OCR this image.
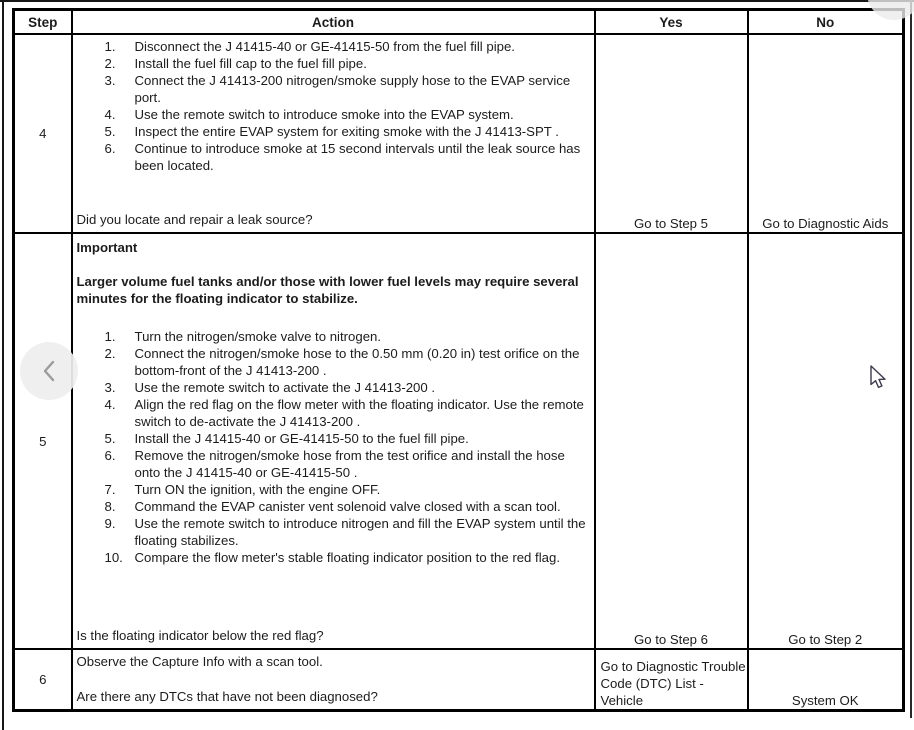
Step	Action	Yes	No
4	
Disconnect the J 41415-40 or GE-41415-50 from the fuel fill pipe.
Install the fuel fill cap to the fuel fill pipe.
Connect the J 41413-200 nitrogen/smoke supply hose to the EVAP service port.
Use the remote switch to introduce smoke into the EVAP system.
Inspect the entire EVAP system for exiting smoke with the J 41413-SPT .
Continue to introduce smoke at 15 second intervals until the leak source has been located.
Did you locate and repair a leak source?	Go to Step 5	Go to Diagnostic Aids
5	
Important
Larger volume fuel tanks and/or those with lower fuel levels may require several minutes for the floating indicator to stabilize.
Turn the nitrogen/smoke valve to nitrogen.
Connect the nitrogen/smoke hose to the 0.50 mm (0.20 in) test orifice on the bottom-front of the J 41413-200 .
Use the remote switch to activate the J 41413-200 .
Align the red flag on the flow meter with the floating indicator. Use the remote switch to de-activate the J 41413-200 .
Install the J 41415-40 or GE-41415-50 to the fuel fill pipe.
Remove the nitrogen/smoke hose from the test orifice and install the hose onto the J 41415-40 or GE-41415-50 .
Turn ON the ignition, with the engine OFF.
Command the EVAP canister vent solenoid valve closed with a scan tool.
Use the remote switch to introduce nitrogen and fill the EVAP system until the floating stabilizes.
Compare the flow meter's stable floating indicator position to the red flag.
Is the floating indicator below the red flag?	Go to Step 6	Go to Step 2
6	Observe the Capture Info with a scan tool.
Are there any DTCs that have not been diagnosed?	Go to Diagnostic Trouble Code (DTC) List - Vehicle	System OK
